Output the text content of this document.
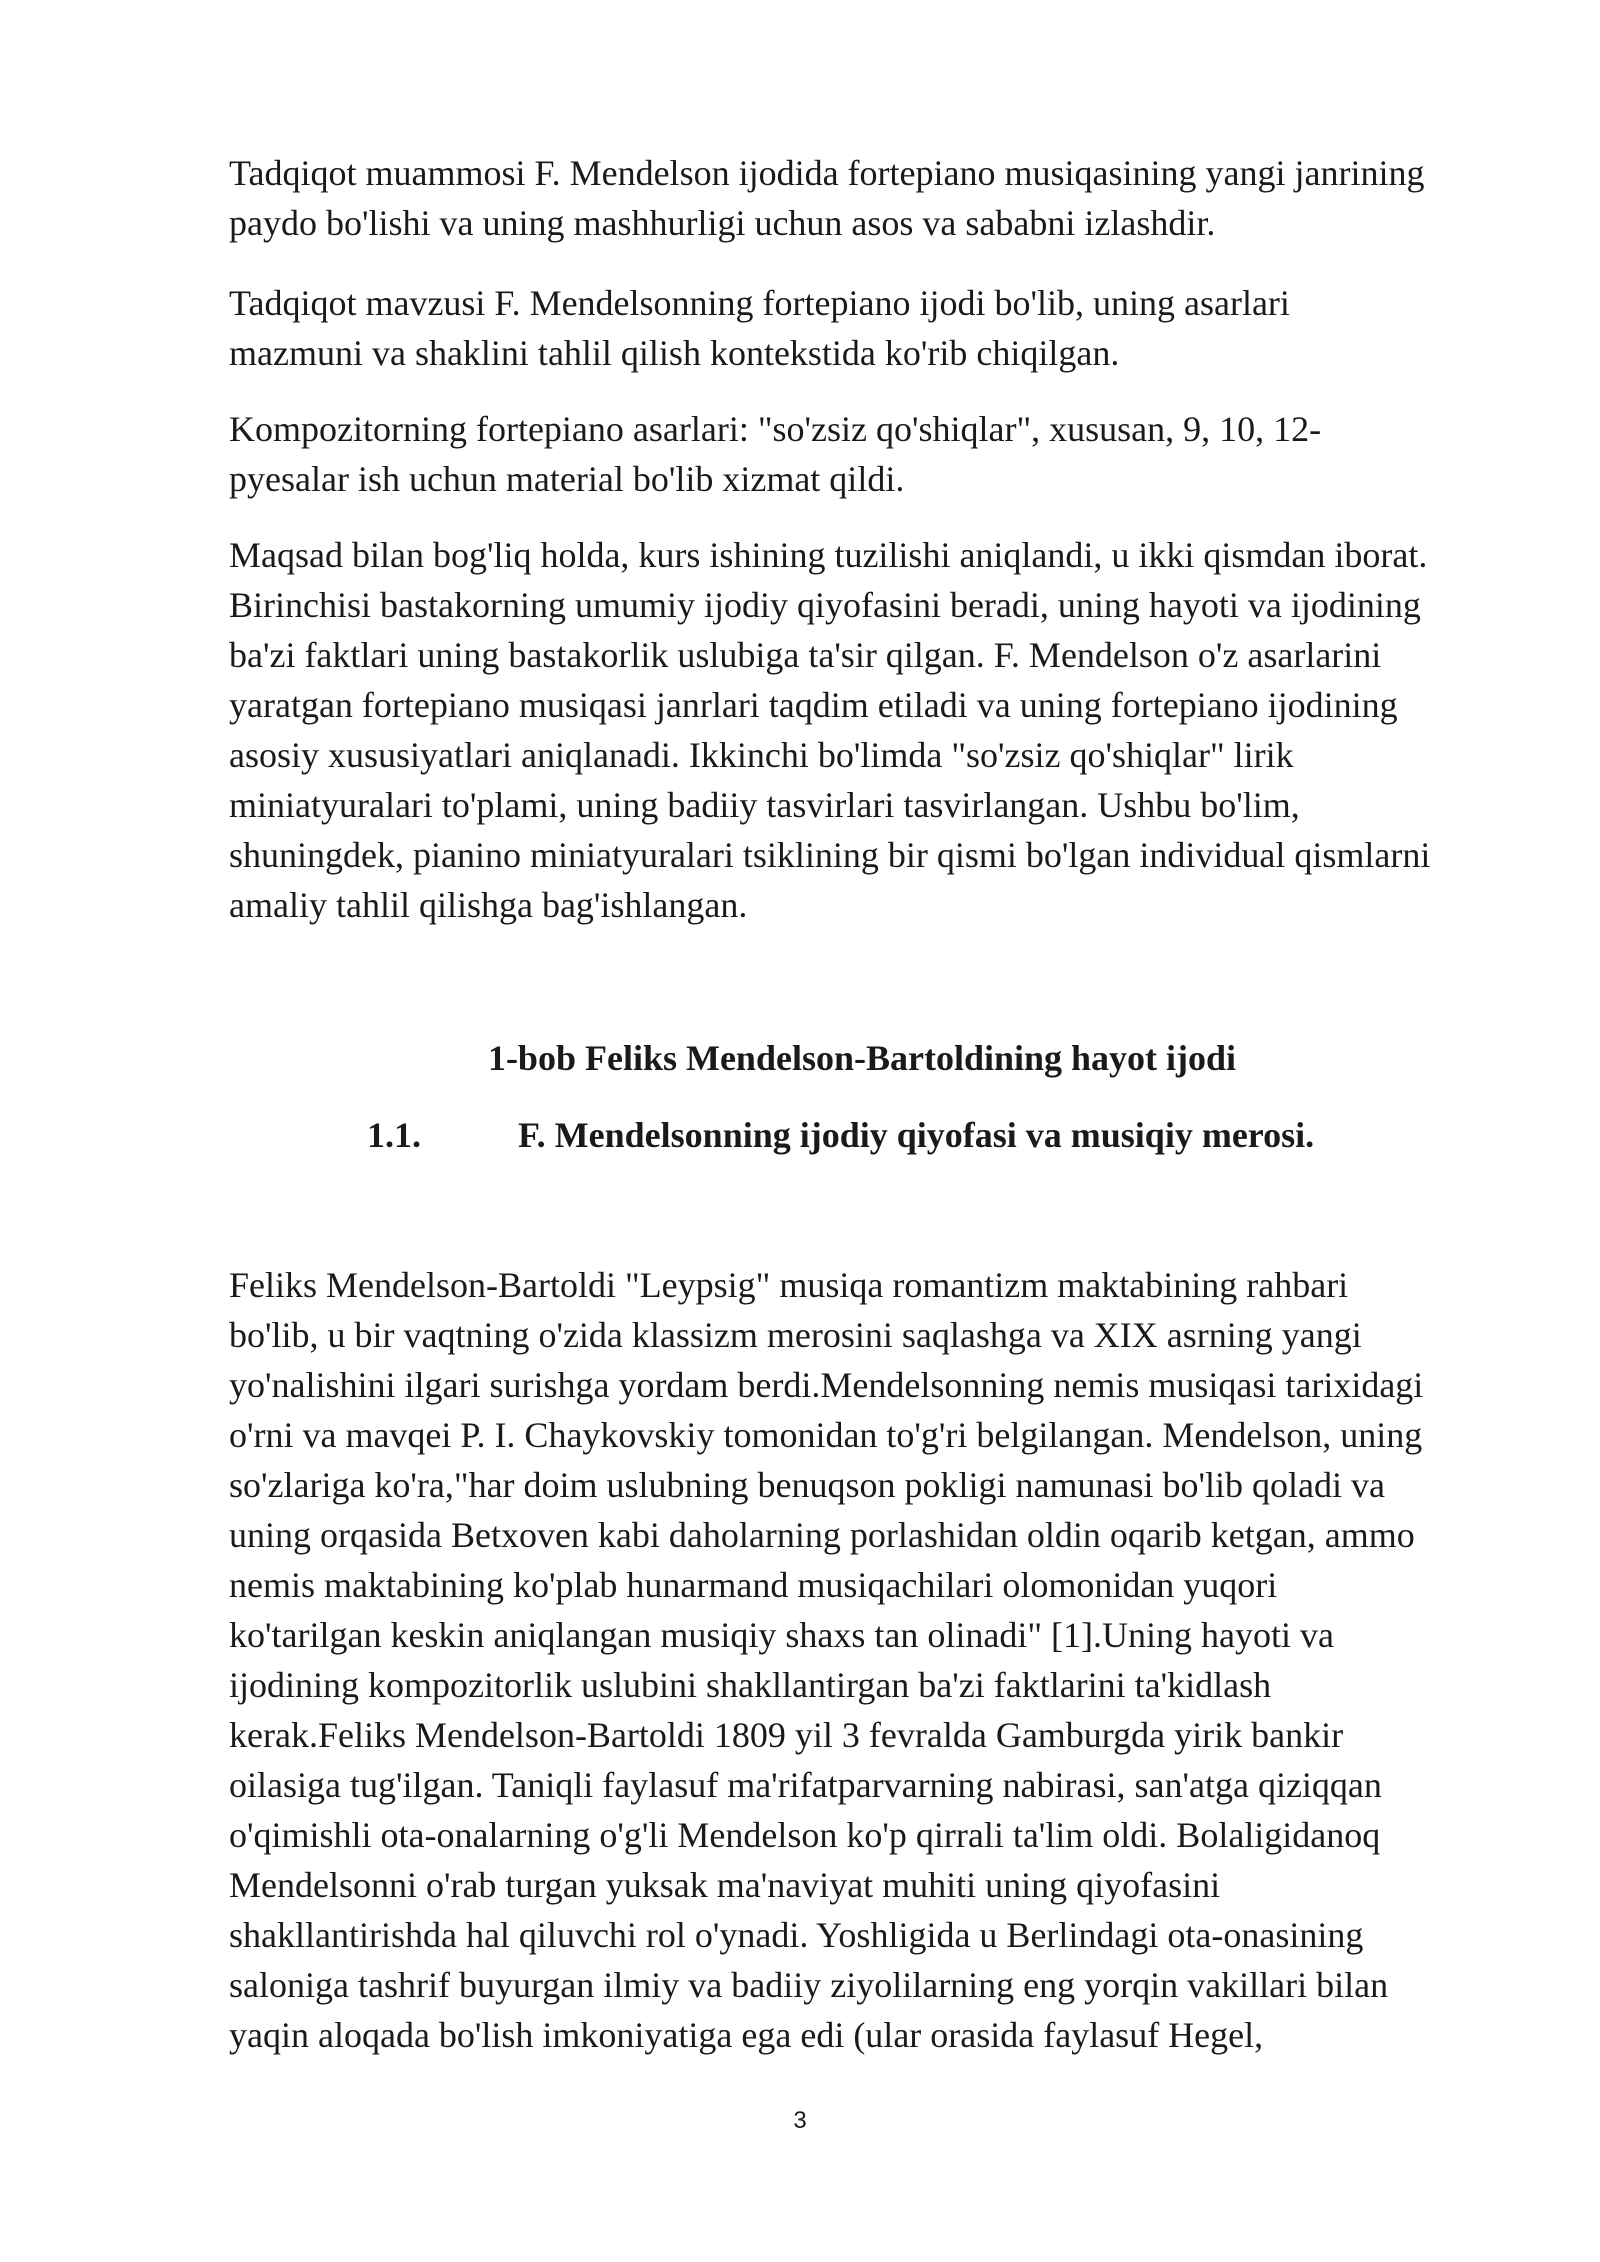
Tadqiqot muammosi F. Mendelson ijodida fortepiano musiqasining yangi janrining
paydo bo'lishi va uning mashhurligi uchun asos va sababni izlashdir.

Tadqiqot mavzusi F. Mendelsonning fortepiano ijodi bo'lib, uning asarlari
mazmuni va shaklini tahlil qilish kontekstida ko'rib chiqilgan.

Kompozitorning fortepiano asarlari: "so'zsiz qo'shiqlar", xususan, 9, 10, 12-
pyesalar ish uchun material bo'lib xizmat qildi.

Maqsad bilan bog'liq holda, kurs ishining tuzilishi aniqlandi, u ikki qismdan iborat.
Birinchisi bastakorning umumiy ijodiy qiyofasini beradi, uning hayoti va ijodining
ba'zi faktlari uning bastakorlik uslubiga ta'sir qilgan. F. Mendelson o'z asarlarini
yaratgan fortepiano musiqasi janrlari taqdim etiladi va uning fortepiano ijodining
asosiy xususiyatlari aniqlanadi. Ikkinchi bo'limda "so'zsiz qo'shiqlar" lirik
miniatyuralari to'plami, uning badiiy tasvirlari tasvirlangan. Ushbu bo'lim,
shuningdek, pianino miniatyuralari tsiklining bir qismi bo'lgan individual qismlarni
amaliy tahlil qilishga bag'ishlangan.

1-bob Feliks Mendelson-Bartoldining hayot ijodi
1.1.	F. Mendelsonning ijodiy qiyofasi va musiqiy merosi.

Feliks Mendelson-Bartoldi "Leypsig" musiqa romantizm maktabining rahbari
bo'lib, u bir vaqtning o'zida klassizm merosini saqlashga va XIX asrning yangi
yo'nalishini ilgari surishga yordam berdi.Mendelsonning nemis musiqasi tarixidagi
o'rni va mavqei P. I. Chaykovskiy tomonidan to'g'ri belgilangan. Mendelson, uning
so'zlariga ko'ra,"har doim uslubning benuqson pokligi namunasi bo'lib qoladi va
uning orqasida Betxoven kabi daholarning porlashidan oldin oqarib ketgan, ammo
nemis maktabining ko'plab hunarmand musiqachilari olomonidan yuqori
ko'tarilgan keskin aniqlangan musiqiy shaxs tan olinadi" [1].Uning hayoti va
ijodining kompozitorlik uslubini shakllantirgan ba'zi faktlarini ta'kidlash
kerak.Feliks Mendelson-Bartoldi 1809 yil 3 fevralda Gamburgda yirik bankir
oilasiga tug'ilgan. Taniqli faylasuf ma'rifatparvarning nabirasi, san'atga qiziqqan
o'qimishli ota-onalarning o'g'li Mendelson ko'p qirrali ta'lim oldi. Bolaligidanoq
Mendelsonni o'rab turgan yuksak ma'naviyat muhiti uning qiyofasini
shakllantirishda hal qiluvchi rol o'ynadi. Yoshligida u Berlindagi ota-onasining
saloniga tashrif buyurgan ilmiy va badiiy ziyolilarning eng yorqin vakillari bilan
yaqin aloqada bo'lish imkoniyatiga ega edi (ular orasida faylasuf Hegel,

3
